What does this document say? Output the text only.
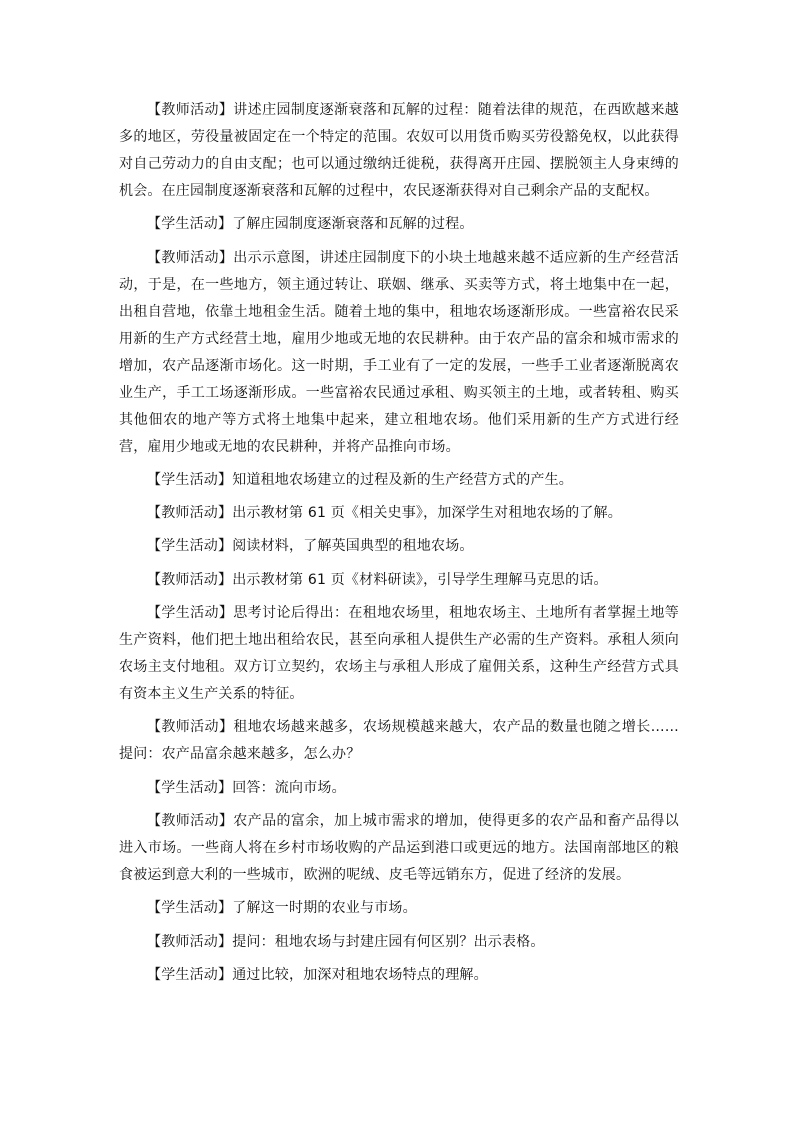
【教师活动】讲述庄园制度逐渐衰落和瓦解的过程：随着法律的规范，在西欧越来越多的地区，劳役量被固定在一个特定的范围。农奴可以用货币购买劳役豁免权，以此获得对自己劳动力的自由支配；也可以通过缴纳迁徙税，获得离开庄园、摆脱领主人身束缚的机会。在庄园制度逐渐衰落和瓦解的过程中，农民逐渐获得对自己剩余产品的支配权。

【学生活动】了解庄园制度逐渐衰落和瓦解的过程。

【教师活动】出示示意图，讲述庄园制度下的小块土地越来越不适应新的生产经营活动，于是，在一些地方，领主通过转让、联姻、继承、买卖等方式，将土地集中在一起，出租自营地，依靠土地租金生活。随着土地的集中，租地农场逐渐形成。一些富裕农民采用新的生产方式经营土地，雇用少地或无地的农民耕种。由于农产品的富余和城市需求的增加，农产品逐渐市场化。这一时期，手工业有了一定的发展，一些手工业者逐渐脱离农业生产，手工工场逐渐形成。一些富裕农民通过承租、购买领主的土地，或者转租、购买其他佃农的地产等方式将土地集中起来，建立租地农场。他们采用新的生产方式进行经营，雇用少地或无地的农民耕种，并将产品推向市场。

【学生活动】知道租地农场建立的过程及新的生产经营方式的产生。

【教师活动】出示教材第 61 页《相关史事》，加深学生对租地农场的了解。

【学生活动】阅读材料，了解英国典型的租地农场。

【教师活动】出示教材第 61 页《材料研读》，引导学生理解马克思的话。

【学生活动】思考讨论后得出：在租地农场里，租地农场主、土地所有者掌握土地等生产资料，他们把土地出租给农民，甚至向承租人提供生产必需的生产资料。承租人须向农场主支付地租。双方订立契约，农场主与承租人形成了雇佣关系，这种生产经营方式具有资本主义生产关系的特征。

【教师活动】租地农场越来越多，农场规模越来越大，农产品的数量也随之增长……提问：农产品富余越来越多，怎么办？

【学生活动】回答：流向市场。

【教师活动】农产品的富余，加上城市需求的增加，使得更多的农产品和畜产品得以进入市场。一些商人将在乡村市场收购的产品运到港口或更远的地方。法国南部地区的粮食被运到意大利的一些城市，欧洲的呢绒、皮毛等远销东方，促进了经济的发展。

【学生活动】了解这一时期的农业与市场。

【教师活动】提问：租地农场与封建庄园有何区别？出示表格。

【学生活动】通过比较，加深对租地农场特点的理解。
